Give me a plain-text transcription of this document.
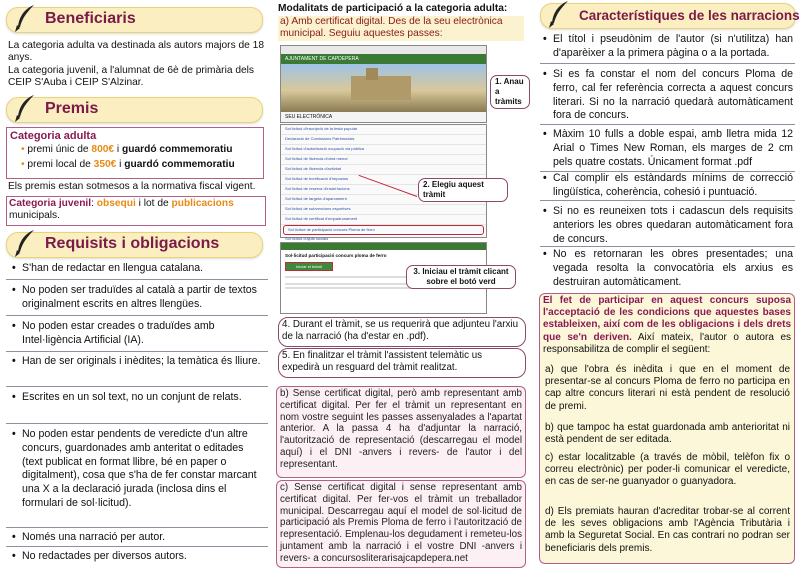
Beneficiaris
La categoria adulta va destinada als autors majors de 18 anys.
La categoria juvenil, a l'alumnat de 6è de primària dels CEIP S'Auba i CEIP S'Alzinar.
Premis
Categoria adulta
• premi únic de 800€ i guardó commemoratiu
• premi local de 350€ i guardó commemoratiu
Els premis estan sotmesos a la normativa fiscal vigent.
Categoria juvenil: obsequi i lot de publicacions municipals.
Requisits i obligacions
• S'han de redactar en llengua catalana.
• No poden ser traduïdes al català a partir de textos originalment escrits en altres llengües.
• No poden estar creades o traduïdes amb Intel·ligència Artificial (IA).
• Han de ser originals i inèdites; la temàtica és lliure.
• Escrites en un sol text, no un conjunt de relats.
• No poden estar pendents de veredicte d'un altre concurs, guardonades amb anteritat o editades (text publicat en format llibre, bé en paper o digitalment), cosa que s'ha de fer constar marcant una X a la declaració jurada (inclosa dins el formulari de sol·licitud).
• Només una narració per autor.
• No redactades per diversos autors.
Modalitats de participació a la categoria adulta:
a) Amb certificat digital. Des de la seu electrònica municipal. Seguiu aquestes passes:
AJUNTAMENT DE CAPDEPERA
SEU ELECTRÒNICA
1. Anau a tràmits
Sol·licitud d'inscripció de la festa popular
Declaració de Comissions Patrimonials
Sol·licitud d'autorització ocupació via pública
Sol·licitud de llicència d'obra menor
Sol·licitud de llicència d'activitat
Sol·licitud de bonificació d'impostos
Sol·licitud de reserva d'instal·lacions
Sol·licitud de targeta d'aparcament
Sol·licitud de subvencions esportives
Sol·licitud de certificat d'empadronament
Sol·licitud de participació concurs Ploma de ferro
Sol·licitud d'ajuts socials
2. Elegiu aquest tràmit
Sol·licitud participació concurs ploma de ferro
Iniciar el tràmit
3. Iniciau el tràmit clicant sobre el botó verd
4. Durant el tràmit, se us requerirà que adjunteu l'arxiu de la narració (ha d'estar en .pdf).
5. En finalitzar el tràmit l'assistent telemàtic us expedirà un resguard del tràmit realitzat.
b) Sense certificat digital, però amb representant amb certificat digital. Per fer el tràmit un representant en nom vostre seguint les passes assenyalades a l'apartat anterior. A la passa 4 ha d'adjuntar la narració, l'autorització de representació (descarregau el model aquí) i el DNI -anvers i revers- de l'autor i del representant.
c) Sense certificat digital i sense representant amb certificat digital. Per fer-vos el tràmit un treballador municipal. Descarregau aquí el model de sol·licitud de participació als Premis Ploma de ferro i l'autorització de representació. Emplenau-los degudament i remeteu-los juntament amb la narració i el vostre DNI -anvers i revers- a concursosliterarisajcapdepera.net
Característiques de les narracions
• El títol i pseudònim de l'autor (si n'utilitza) han d'aparèixer a la primera pàgina o a la portada.
• Si es fa constar el nom del concurs Ploma de ferro, cal fer referència correcta a aquest concurs literari. Si no la narració quedarà automàticament fora de concurs.
• Màxim 10 fulls a doble espai, amb lletra mida 12 Arial o Times New Roman, els marges de 2 cm pels quatre costats. Únicament format .pdf
• Cal complir els estàndards mínims de correcció lingüística, coherència, cohesió i puntuació.
• Si no es reuneixen tots i cadascun dels requisits anteriors les obres quedaran automàticament fora de concurs.
• No es retornaran les obres presentades; una vegada resolta la convocatòria els arxius es destruiran automàticament.
El fet de participar en aquest concurs suposa l'acceptació de les condicions que aquestes bases estableixen, així com de les obligacions i dels drets que se'n deriven. Així mateix, l'autor o autora es responsabilitza de complir el següent:
a) que l'obra és inèdita i que en el moment de presentar-se al concurs Ploma de ferro no participa en cap altre concurs literari ni està pendent de resolució de premi.
b) que tampoc ha estat guardonada amb anterioritat ni està pendent de ser editada.
c) estar localitzable (a través de mòbil, telèfon fix o correu electrònic) per poder-li comunicar el veredicte, en cas de ser-ne guanyador o guanyadora.
d) Els premiats hauran d'acreditar trobar-se al corrent de les seves obligacions amb l'Agència Tributària i amb la Seguretat Social. En cas contrari no podran ser beneficiaris dels premis.
